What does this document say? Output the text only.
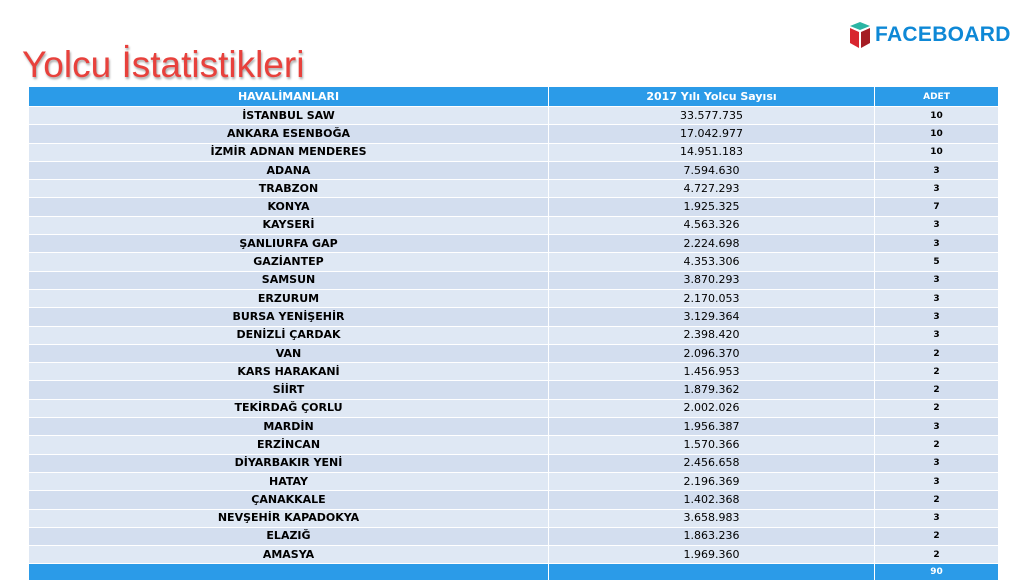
Yolcu İstatistikleri
FACEBOARD
HAVALİMANLARI	2017 Yılı Yolcu Sayısı	ADET
İSTANBUL SAW	33.577.735	10
ANKARA ESENBOĞA	17.042.977	10
İZMİR ADNAN MENDERES	14.951.183	10
ADANA	7.594.630	3
TRABZON	4.727.293	3
KONYA	1.925.325	7
KAYSERİ	4.563.326	3
ŞANLIURFA GAP	2.224.698	3
GAZİANTEP	4.353.306	5
SAMSUN	3.870.293	3
ERZURUM	2.170.053	3
BURSA YENİŞEHİR	3.129.364	3
DENİZLİ ÇARDAK	2.398.420	3
VAN	2.096.370	2
KARS HARAKANİ	1.456.953	2
SİİRT	1.879.362	2
TEKİRDAĞ ÇORLU	2.002.026	2
MARDİN	1.956.387	3
ERZİNCAN	1.570.366	2
DİYARBAKIR YENİ	2.456.658	3
HATAY	2.196.369	3
ÇANAKKALE	1.402.368	2
NEVŞEHİR KAPADOKYA	3.658.983	3
ELAZIĞ	1.863.236	2
AMASYA	1.969.360	2
		90
